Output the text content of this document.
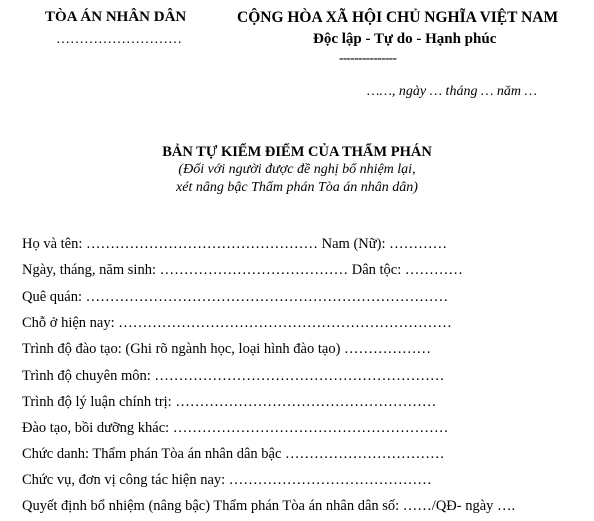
TÒA ÁN NHÂN DÂN
………………………
CỘNG HÒA XÃ HỘI CHỦ NGHĨA VIỆT NAM
Độc lập - Tự do - Hạnh phúc
---------------
……, ngày … tháng … năm …
BẢN TỰ KIỂM ĐIỂM CỦA THẨM PHÁN
(Đối với người được đề nghị bổ nhiệm lại,
xét nâng bậc Thẩm phán Tòa án nhân dân)
Họ và tên: ………………………………………… Nam (Nữ): …………
Ngày, tháng, năm sinh: ………………………………… Dân tộc: …………
Quê quán: …………………………………………………………………
Chỗ ở hiện nay: ……………………………………………………………
Trình độ đào tạo: (Ghi rõ ngành học, loại hình đào tạo) ………………
Trình độ chuyên môn: ……………………………………………………
Trình độ lý luận chính trị: ………………………………………………
Đào tạo, bồi dưỡng khác: …………………………………………………
Chức danh: Thẩm phán Tòa án nhân dân bậc ……………………………
Chức vụ, đơn vị công tác hiện nay: ……………………………………
Quyết định bổ nhiệm (nâng bậc) Thẩm phán Tòa án nhân dân số: ……/QĐ- ngày ….
